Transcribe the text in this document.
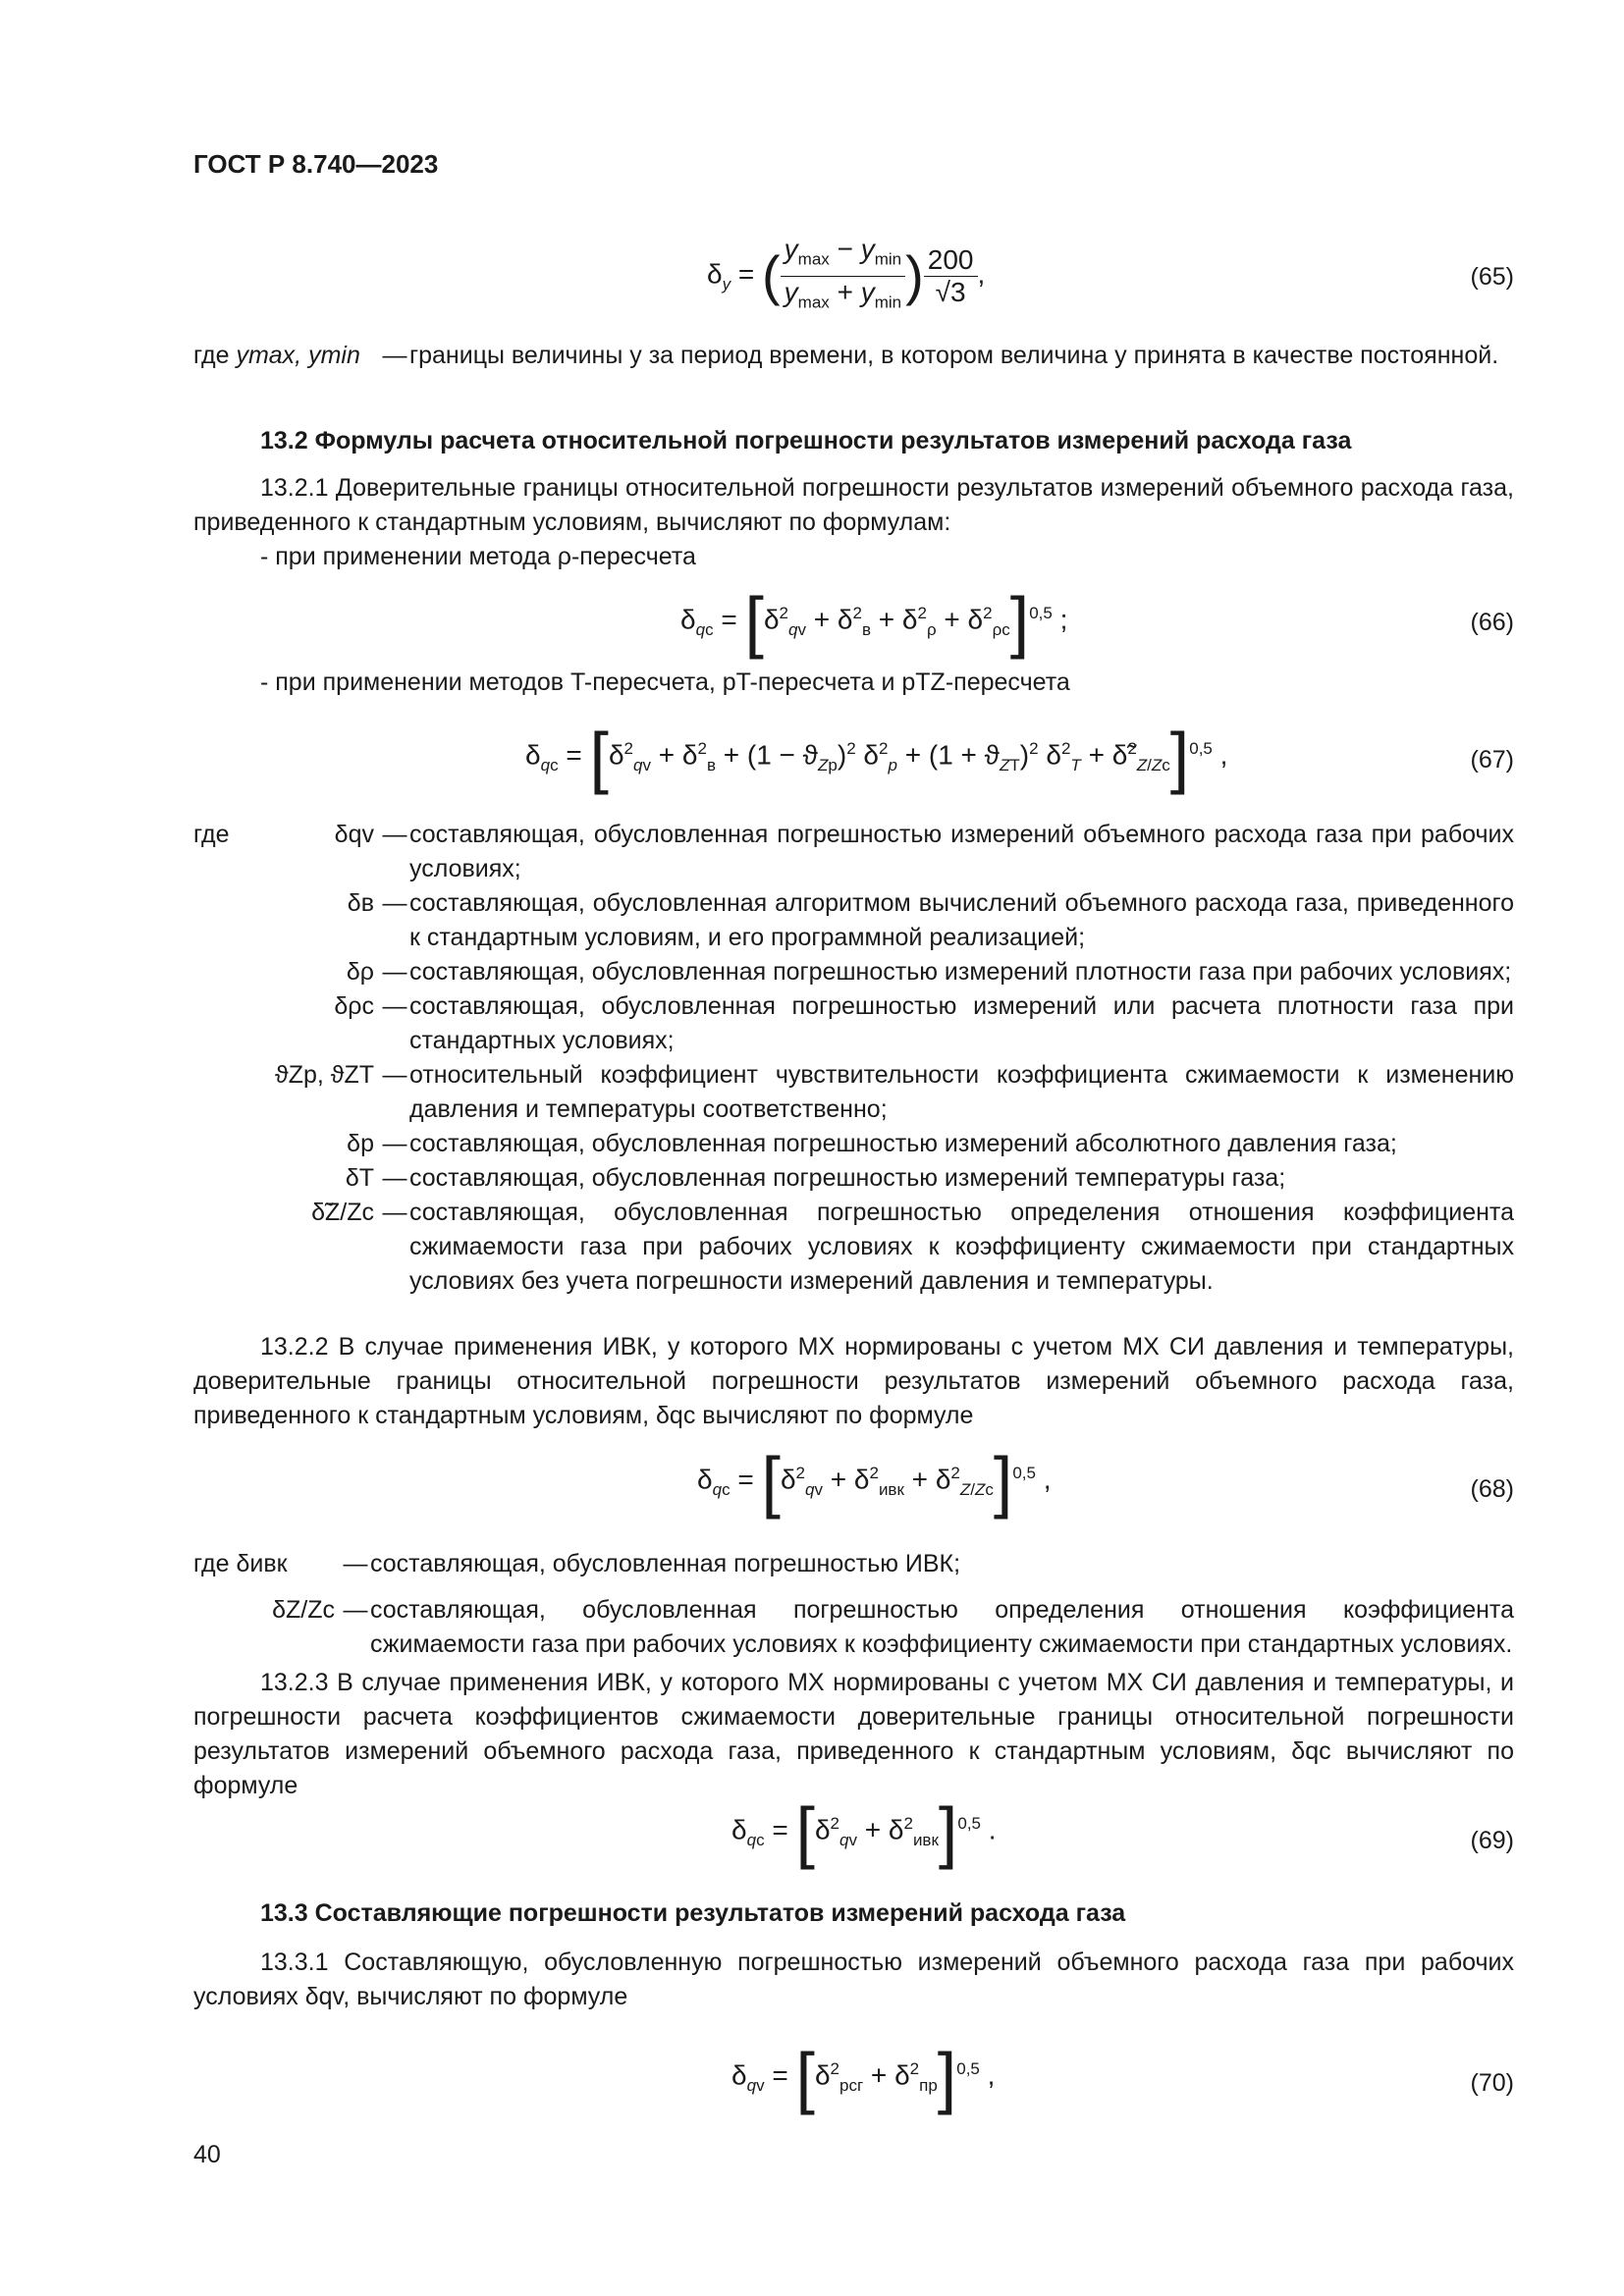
ГОСТ Р 8.740—2023
$\delta_y$ = ( $\frac{y_{max} - y_{min}}{y_{max} + y_{min}}$ ) $\frac{200}{√3}$ ,	(65)
где ymax, ymin — границы величины y за период времени, в котором величина y принята в качестве постоянной.
13.2 Формулы расчета относительной погрешности результатов измерений расхода газа
13.2.1 Доверительные границы относительной погрешности результатов измерений объемного расхода газа, приведенного к стандартным условиям, вычисляют по формулам:
- при применении метода ρ-пересчета
$\delta_{qс} = [\delta^2_{qv} + \delta^2_в + \delta^2_\rho + \delta^2_{\rho с}]^{0,5}$ ;	(66)
- при применении методов T-пересчета, pT-пересчета и pTZ-пересчета
$\delta_{qс} = [\delta^2_{qv} + \delta^2_в + (1 - ϑ_{Zp})^2$ $\delta^2_p + (1 + ϑ_{ZT})^2$ $\delta^2_T$ + δ̃$^2_{Z/Zс}$]$^{0,5}$ ,	(67)
где	δqv — составляющая, обусловленная погрешностью измерений объемного расхода газа при рабочих условиях;
δв — составляющая, обусловленная алгоритмом вычислений объемного расхода газа, приведенного к стандартным условиям, и его программной реализацией;
δρ — составляющая, обусловленная погрешностью измерений плотности газа при рабочих условиях;
δρс — составляющая, обусловленная погрешностью измерений или расчета плотности газа при стандартных условиях;
ϑZp, ϑZT — относительный коэффициент чувствительности коэффициента сжимаемости к изменению давления и температуры соответственно;
δp — составляющая, обусловленная погрешностью измерений абсолютного давления газа;
δT — составляющая, обусловленная погрешностью измерений температуры газа;
δ̃Z/Zс — составляющая, обусловленная погрешностью определения отношения коэффициента сжимаемости газа при рабочих условиях к коэффициенту сжимаемости при стандартных условиях без учета погрешности измерений давления и температуры.
13.2.2 В случае применения ИВК, у которого МХ нормированы с учетом МХ СИ давления и температуры, доверительные границы относительной погрешности результатов измерений объемного расхода газа, приведенного к стандартным условиям, δqc вычисляют по формуле
$\delta_{qс} = [\delta^2_{qv} + \delta^2_{ивк} + \delta^2_{Z/Zс}]^{0,5}$ ,	(68)
где δивк	— составляющая, обусловленная погрешностью ИВК;
δZ/Zс — составляющая, обусловленная погрешностью определения отношения коэффициента сжимаемости газа при рабочих условиях к коэффициенту сжимаемости при стандартных условиях.
13.2.3 В случае применения ИВК, у которого МХ нормированы с учетом МХ СИ давления и температуры, и погрешности расчета коэффициентов сжимаемости доверительные границы относительной погрешности результатов измерений объемного расхода газа, приведенного к стандартным условиям, δqc вычисляют по формуле
$\delta_{qс} = [\delta^2_{qv} + \delta^2_{ивк}]^{0,5}$ .	(69)
13.3 Составляющие погрешности результатов измерений расхода газа
13.3.1 Составляющую, обусловленную погрешностью измерений объемного расхода газа при рабочих условиях δqv, вычисляют по формуле
$\delta_{qv} = [\delta^2_{рсг} + \delta^2_{пр}]^{0,5}$ ,	(70)
40
